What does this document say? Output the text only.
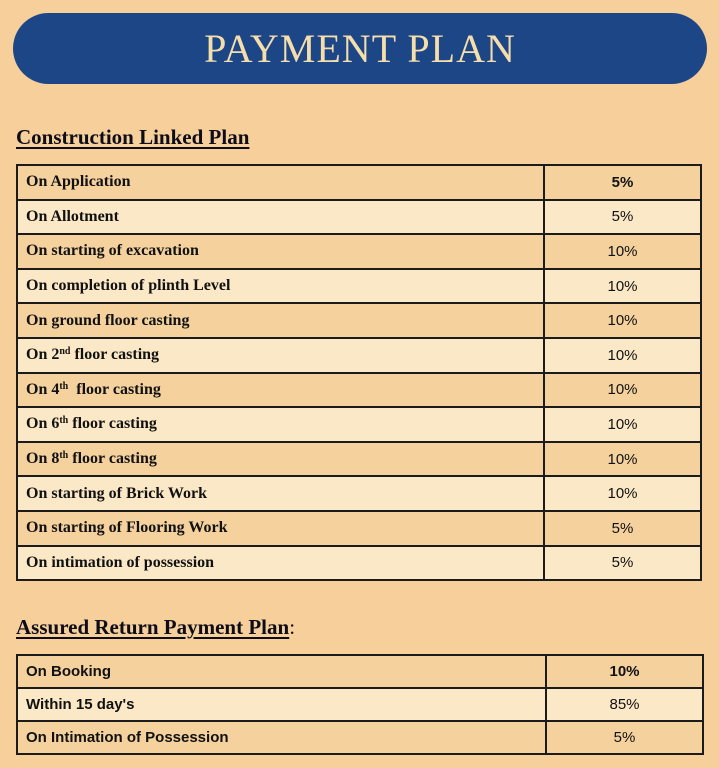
PAYMENT PLAN
Construction Linked Plan
On Application	5%
On Allotment	5%
On starting of excavation	10%
On completion of plinth Level	10%
On ground floor casting	10%
On 2nd floor casting	10%
On 4th  floor casting	10%
On 6th floor casting	10%
On 8th floor casting	10%
On starting of Brick Work	10%
On starting of Flooring Work	5%
On intimation of possession	5%
Assured Return Payment Plan:
On Booking	10%
Within 15 day's	85%
On Intimation of Possession	5%
